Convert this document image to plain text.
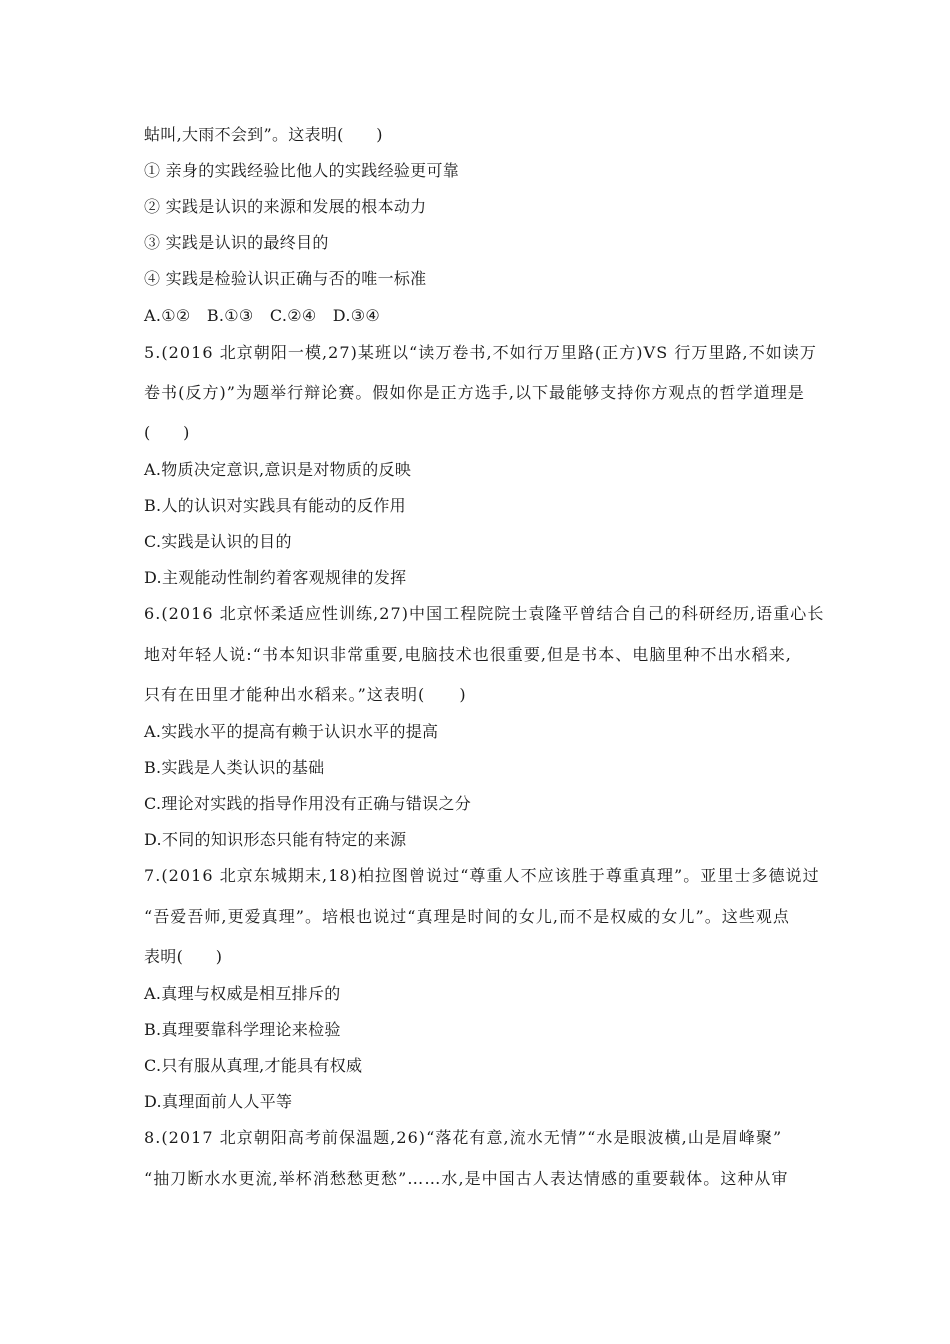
蛄叫,大雨不会到”。这表明(　　)
① 亲身的实践经验比他人的实践经验更可靠
② 实践是认识的来源和发展的根本动力
③ 实践是认识的最终目的
④ 实践是检验认识正确与否的唯一标准
A.①②　B.①③　C.②④　D.③④
5.(2016 北京朝阳一模,27)某班以“读万卷书,不如行万里路(正方)VS 行万里路,不如读万
卷书(反方)”为题举行辩论赛。假如你是正方选手,以下最能够支持你方观点的哲学道理是
(　　)
A.物质决定意识,意识是对物质的反映
B.人的认识对实践具有能动的反作用
C.实践是认识的目的
D.主观能动性制约着客观规律的发挥
6.(2016 北京怀柔适应性训练,27)中国工程院院士袁隆平曾结合自己的科研经历,语重心长
地对年轻人说:“书本知识非常重要,电脑技术也很重要,但是书本、电脑里种不出水稻来,
只有在田里才能种出水稻来。”这表明(　　)
A.实践水平的提高有赖于认识水平的提高
B.实践是人类认识的基础
C.理论对实践的指导作用没有正确与错误之分
D.不同的知识形态只能有特定的来源
7.(2016 北京东城期末,18)柏拉图曾说过“尊重人不应该胜于尊重真理”。亚里士多德说过
“吾爱吾师,更爱真理”。培根也说过“真理是时间的女儿,而不是权威的女儿”。这些观点
表明(　　)
A.真理与权威是相互排斥的
B.真理要靠科学理论来检验
C.只有服从真理,才能具有权威
D.真理面前人人平等
8.(2017 北京朝阳高考前保温题,26)“落花有意,流水无情”“水是眼波横,山是眉峰聚”
“抽刀断水水更流,举杯消愁愁更愁”……水,是中国古人表达情感的重要载体。这种从审
